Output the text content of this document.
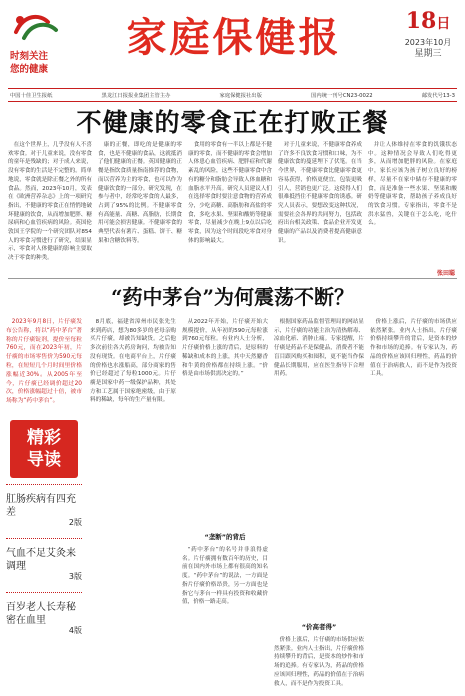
时刻关注
您的健康
家庭保健报	18日
2023年10月
星期三
中国十佳卫生报纸	黑龙江日报报业集团主管主办	家庭保健报社出版	国内统一刊号CN23-0022	邮发代号13-3
不健康的零食正在打败正餐

在这个世界上，几乎没有人不喜欢零食。对于儿童来说，没有零食的童年是残缺的；对于成人来说，没有零食的生活是不完整的。简单地说，零食就是除正餐之外的所有食品。然而，2023年10月，发表在《欧洲营养杂志》上的一项研究指出，不健康的零食正在悄悄地破坏健康的饮食，从而增加肥胖、糖尿病和心血管疾病的风险。英国伦敦国王学院的一个研究团队对854人的零食习惯进行了研究，结果显示，零食对人体健康的影响主要取决于零食的种类。

康的正餐，即吃的是健康的零食，也是不健康的食品，这就抵消了他们健康的正餐。英国健康的正餐是指饮食质量指南推荐的食物，而以营养为主的零食，也可以作为健康饮食的一部分。研究发现，在参与者中，经常吃零食的人最多，占到了95%的比例。不健康零食有高能量、高糖、高脂肪，长期食用可能会损害健康。不健康零食的典型代表有薯片、蛋糕、饼干、糖果和含糖饮料等。

食用的零食有一半以上都是不健康的零食，而不健康的零食会增加人体患心血管疾病、肥胖症和代谢紊乱的风险，这些不健康零食中含有的糖分和脂肪会导致人体血糖和血脂水平升高。研究人员建议人们在选择零食时要注意食物的营养成分，少吃高糖、高脂肪和高盐的零食，多吃水果、坚果和酸奶等健康零食，尽量减少在晚上9点以后吃零食，因为这个时间段吃零食对身体的影响最大。

对于儿童来说，不健康零食养成了许多不良饮食习惯和口味，为不健康饮食的蔓延埋下了伏笔。在当今世界，不健康零食比健康零食更容易获得，价格更便宜，包装更吸引人，营销也更广泛。这使得人们很难抵挡住不健康零食的诱惑。研究人员表示，要想改变这种状况，需要社会各界的共同努力，包括政府出台相关政策、食品企业开发更健康的产品以及消费者提高健康意识。

并让人体维持在零食的饥饿状态中。这种情况会导致人们吃得更多，从而增加肥胖的风险。在家庭中，家长应该为孩子树立良好的榜样，尽量不在家中储存不健康的零食，而是准备一些水果、坚果和酸奶等健康零食，帮助孩子养成良好的饮食习惯。专家指出，零食不是洪水猛兽，关键在于怎么吃，吃什么。

张田聪
“药中茅台”为何震荡不断？

2023年9月8日，片仔癀发布公告称，将以“药中茅台”著称的片仔癀锭剂，提价至每粒760元，而在2023年初，片仔癀的市场零售价为590元每粒，在短短几个月时间里价格涨幅近30%。从2005年至今，片仔癀已经调价超过20次，价格涨幅超过十倍，被市场称为“药中茅台”。

精彩
导读
肛肠疾病有四充差
2版
气血不足艾灸来调理
3版
百岁老人长寿秘密在血里
4版

8月底，福建省漳州市民张先生来到药店，想为80多岁的老母亲购买片仔癀，却被告知缺货。之后他多次前往各大药房询问，均被告知没有现货。在电商平台上，片仔癀的价格也水涨船高，部分商家的售价已经超过了每粒1000元。片仔癀是国家中药一级保护品种，其处方和工艺属于国家绝密级，由于原料的稀缺，每年的生产量有限。

从2022年开始，片仔癀开始大规模提价，从年初的590元每粒涨到760元每粒。有业内人士分析，片仔癀价格上涨的背后，是原料的稀缺和成本的上涨，其中天然麝香和牛黄的价格都在持续上涨。“价格是由市场供需决定的。”

“垄断”的背后

“药中茅台”的名号并非浪得虚名。片仔癀拥有数百年的历史，目前在国内外市场上都有很高的知名度。“药中茅台”的说法，一方面是指片仔癀价格昂贵，另一方面也是指它与茅台一样具有投资和收藏价值，价格一路走高。

根据国家药品监督管理局的网站显示，片仔癀的功能主治为清热解毒、凉血化瘀、消肿止痛。专家提醒，片仔癀是药品不是保健品，消费者不能盲目跟风购买和囤积，更不能当作保健品长期服用，应在医生指导下合理用药。

“价高者得”

价格上涨后，片仔癀的市场供应依然紧张。业内人士指出，片仔癀价格持续攀升的背后，是资本的炒作和市场的追捧。有专家认为，药品的价格应该回归理性，药品的价值在于治病救人，而不是作为投资工具。

价格上涨后，片仔癀的市场供应依然紧张。业内人士指出，片仔癀价格持续攀升的背后，是资本的炒作和市场的追捧。有专家认为，药品的价格应该回归理性，药品的价值在于治病救人，而不是作为投资工具。
